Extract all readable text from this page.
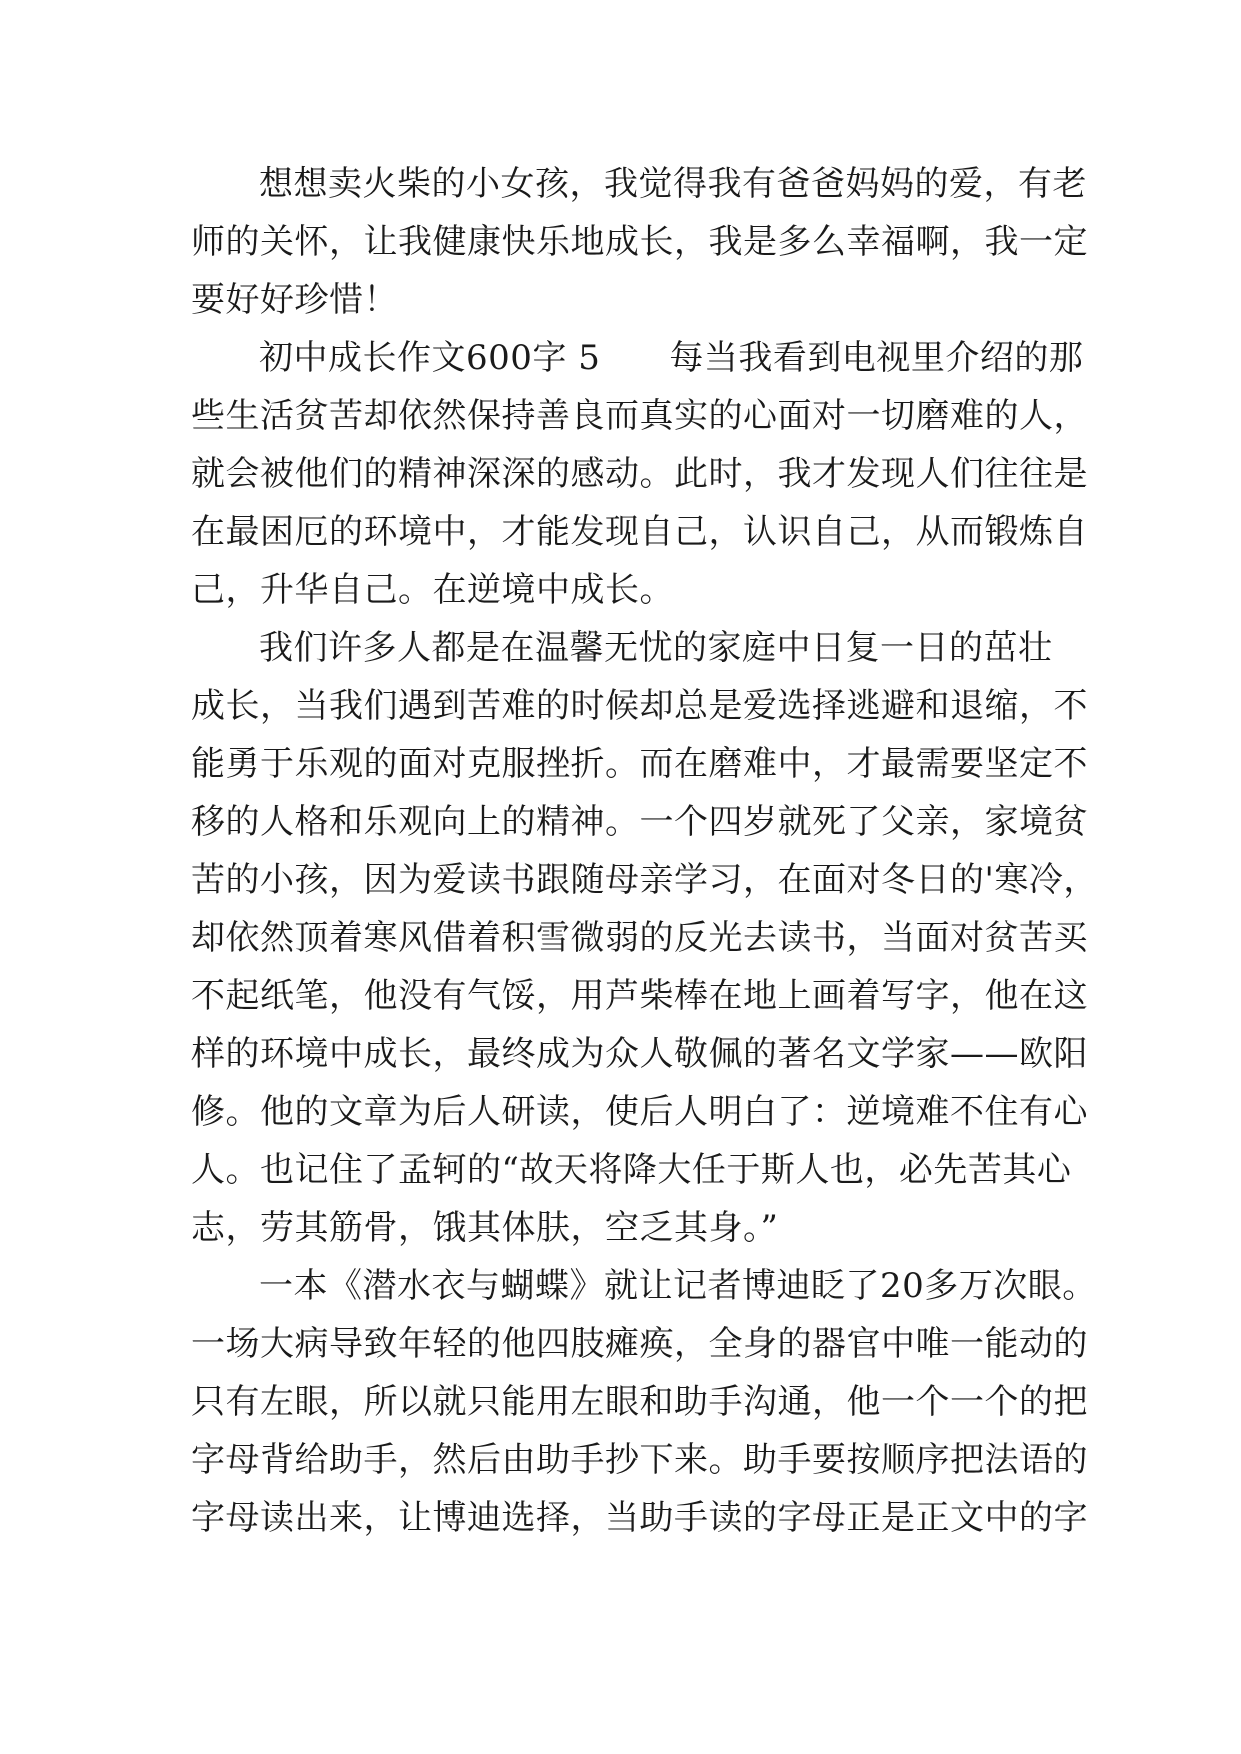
想想卖火柴的小女孩，我觉得我有爸爸妈妈的爱，有老
师的关怀，让我健康快乐地成长，我是多么幸福啊，我一定
要好好珍惜！
初中成长作文600字 5　　每当我看到电视里介绍的那
些生活贫苦却依然保持善良而真实的心面对一切磨难的人，
就会被他们的精神深深的感动。此时，我才发现人们往往是
在最困厄的环境中，才能发现自己，认识自己，从而锻炼自
己，升华自己。在逆境中成长。
我们许多人都是在温馨无忧的家庭中日复一日的茁壮
成长，当我们遇到苦难的时候却总是爱选择逃避和退缩，不
能勇于乐观的面对克服挫折。而在磨难中，才最需要坚定不
移的人格和乐观向上的精神。一个四岁就死了父亲，家境贫
苦的小孩，因为爱读书跟随母亲学习，在面对冬日的'寒冷，
却依然顶着寒风借着积雪微弱的反光去读书，当面对贫苦买
不起纸笔，他没有气馁，用芦柴棒在地上画着写字，他在这
样的环境中成长，最终成为众人敬佩的著名文学家——欧阳
修。他的文章为后人研读，使后人明白了：逆境难不住有心
人。也记住了孟轲的“故天将降大任于斯人也，必先苦其心
志，劳其筋骨，饿其体肤，空乏其身。”
一本《潜水衣与蝴蝶》就让记者博迪眨了20多万次眼。
一场大病导致年轻的他四肢瘫痪，全身的器官中唯一能动的
只有左眼，所以就只能用左眼和助手沟通，他一个一个的把
字母背给助手，然后由助手抄下来。助手要按顺序把法语的
字母读出来，让博迪选择，当助手读的字母正是正文中的字
